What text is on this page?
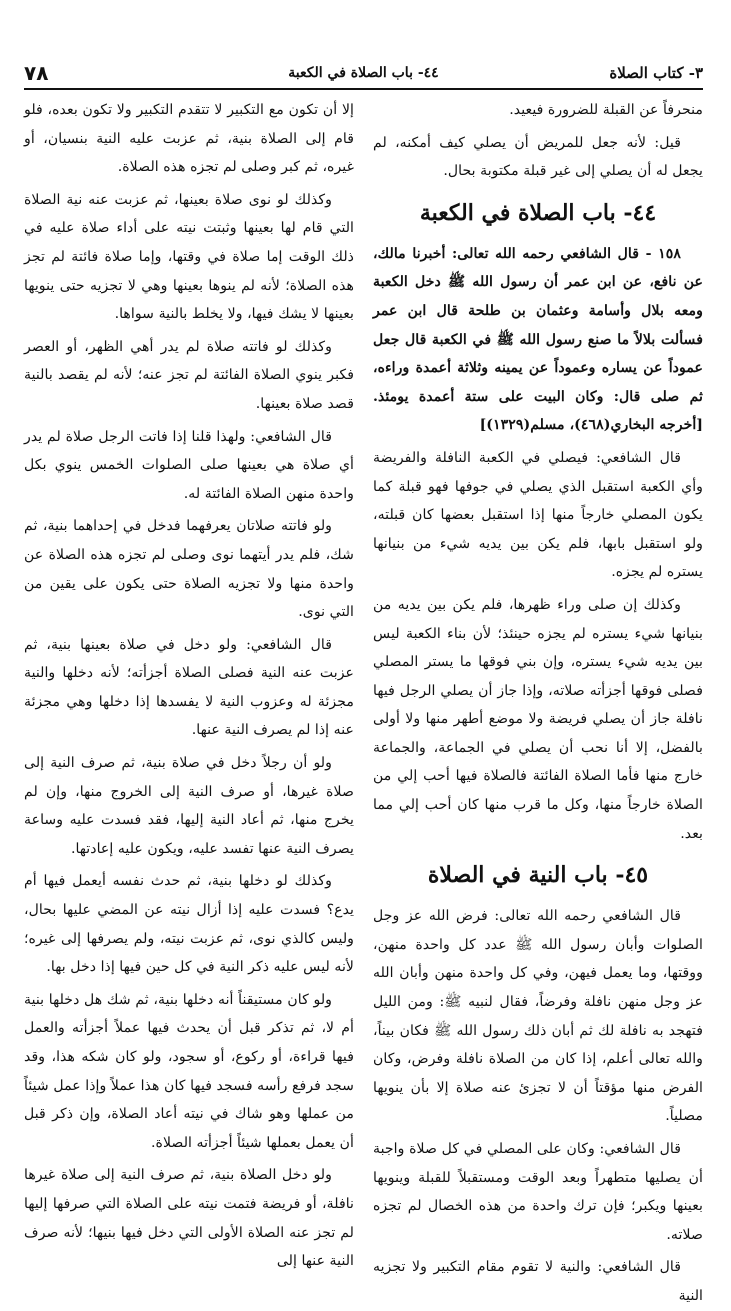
٣- كتاب الصلاة
٤٤- باب الصلاة في الكعبة
٧٨

منحرفاً عن القبلة للضرورة فيعيد.

قيل: لأنه جعل للمريض أن يصلي كيف أمكنه، لم يجعل له أن يصلي إلى غير قبلة مكتوبة بحال.

٤٤- باب الصلاة في الكعبة

١٥٨ - قال الشافعي رحمه الله تعالى: أخبرنا مالك، عن نافع، عن ابن عمر أن رسول الله ﷺ دخل الكعبة ومعه بلال وأسامة وعثمان بن طلحة قال ابن عمر فسألت بلالاً ما صنع رسول الله ﷺ في الكعبة قال جعل عموداً عن يساره وعموداً عن يمينه وثلاثة أعمدة وراءه، ثم صلى قال: وكان البيت على ستة أعمدة يومئذ. [أخرجه البخاري(٤٦٨)، مسلم(١٣٢٩)]

قال الشافعي: فيصلي في الكعبة النافلة والفريضة وأي الكعبة استقبل الذي يصلي في جوفها فهو قبلة كما يكون المصلي خارجاً منها إذا استقبل بعضها كان قبلته، ولو استقبل بابها، فلم يكن بين يديه شيء من بنيانها يستره لم يجزه.

وكذلك إن صلى وراء ظهرها، فلم يكن بين يديه من بنيانها شيء يستره لم يجزه حينئذ؛ لأن بناء الكعبة ليس بين يديه شيء يستره، وإن بني فوقها ما يستر المصلي فصلى فوقها أجزأته صلاته، وإذا جاز أن يصلي الرجل فيها نافلة جاز أن يصلي فريضة ولا موضع أطهر منها ولا أولى بالفضل، إلا أنا نحب أن يصلي في الجماعة، والجماعة خارج منها فأما الصلاة الفائتة فالصلاة فيها أحب إلي من الصلاة خارجاً منها، وكل ما قرب منها كان أحب إلي مما بعد.

٤٥- باب النية في الصلاة

قال الشافعي رحمه الله تعالى: فرض الله عز وجل الصلوات وأبان رسول الله ﷺ عدد كل واحدة منهن، ووقتها، وما يعمل فيهن، وفي كل واحدة منهن وأبان الله عز وجل منهن نافلة وفرضاً، فقال لنبيه ﷺ: ومن الليل فتهجد به نافلة لك ثم أبان ذلك رسول الله ﷺ فكان بيناً، والله تعالى أعلم، إذا كان من الصلاة نافلة وفرض، وكان الفرض منها مؤقتاً أن لا تجزئ عنه صلاة إلا بأن ينويها مصلياً.

قال الشافعي: وكان على المصلي في كل صلاة واجبة أن يصليها متطهراً وبعد الوقت ومستقبلاً للقبلة وينويها بعينها ويكبر؛ فإن ترك واحدة من هذه الخصال لم تجزه صلاته.

قال الشافعي: والنية لا تقوم مقام التكبير ولا تجزيه النية

إلا أن تكون مع التكبير لا تتقدم التكبير ولا تكون بعده، فلو قام إلى الصلاة بنية، ثم عزبت عليه النية بنسيان، أو غيره، ثم كبر وصلى لم تجزه هذه الصلاة.

وكذلك لو نوى صلاة بعينها، ثم عزبت عنه نية الصلاة التي قام لها بعينها وثبتت نيته على أداء صلاة عليه في ذلك الوقت إما صلاة في وقتها، وإما صلاة فائتة لم تجز هذه الصلاة؛ لأنه لم ينوها بعينها وهي لا تجزيه حتى ينويها بعينها لا يشك فيها، ولا يخلط بالنية سواها.

وكذلك لو فاتته صلاة لم يدر أهي الظهر، أو العصر فكبر ينوي الصلاة الفائتة لم تجز عنه؛ لأنه لم يقصد بالنية قصد صلاة بعينها.

قال الشافعي: ولهذا قلنا إذا فاتت الرجل صلاة لم يدر أي صلاة هي بعينها صلى الصلوات الخمس ينوي بكل واحدة منهن الصلاة الفائتة له.

ولو فاتته صلاتان يعرفهما فدخل في إحداهما بنية، ثم شك، فلم يدر أيتهما نوى وصلى لم تجزه هذه الصلاة عن واحدة منها ولا تجزيه الصلاة حتى يكون على يقين من التي نوى.

قال الشافعي: ولو دخل في صلاة بعينها بنية، ثم عزبت عنه النية فصلى الصلاة أجزأته؛ لأنه دخلها والنية مجزئة له وعزوب النية لا يفسدها إذا دخلها وهي مجزئة عنه إذا لم يصرف النية عنها.

ولو أن رجلاً دخل في صلاة بنية، ثم صرف النية إلى صلاة غيرها، أو صرف النية إلى الخروج منها، وإن لم يخرج منها، ثم أعاد النية إليها، فقد فسدت عليه وساعة يصرف النية عنها تفسد عليه، ويكون عليه إعادتها.

وكذلك لو دخلها بنية، ثم حدث نفسه أيعمل فيها أم يدع؟ فسدت عليه إذا أزال نيته عن المضي عليها بحال، وليس كالذي نوى، ثم عزبت نيته، ولم يصرفها إلى غيره؛ لأنه ليس عليه ذكر النية في كل حين فيها إذا دخل بها.

ولو كان مستيقناً أنه دخلها بنية، ثم شك هل دخلها بنية أم لا، ثم تذكر قبل أن يحدث فيها عملاً أجزأته والعمل فيها قراءة، أو ركوع، أو سجود، ولو كان شكه هذا، وقد سجد فرفع رأسه فسجد فيها كان هذا عملاً وإذا عمل شيئاً من عملها وهو شاك في نيته أعاد الصلاة، وإن ذكر قبل أن يعمل بعملها شيئاً أجزأته الصلاة.

ولو دخل الصلاة بنية، ثم صرف النية إلى صلاة غيرها نافلة، أو فريضة فتمت نيته على الصلاة التي صرفها إليها لم تجز عنه الصلاة الأولى التي دخل فيها بنيها؛ لأنه صرف النية عنها إلى
